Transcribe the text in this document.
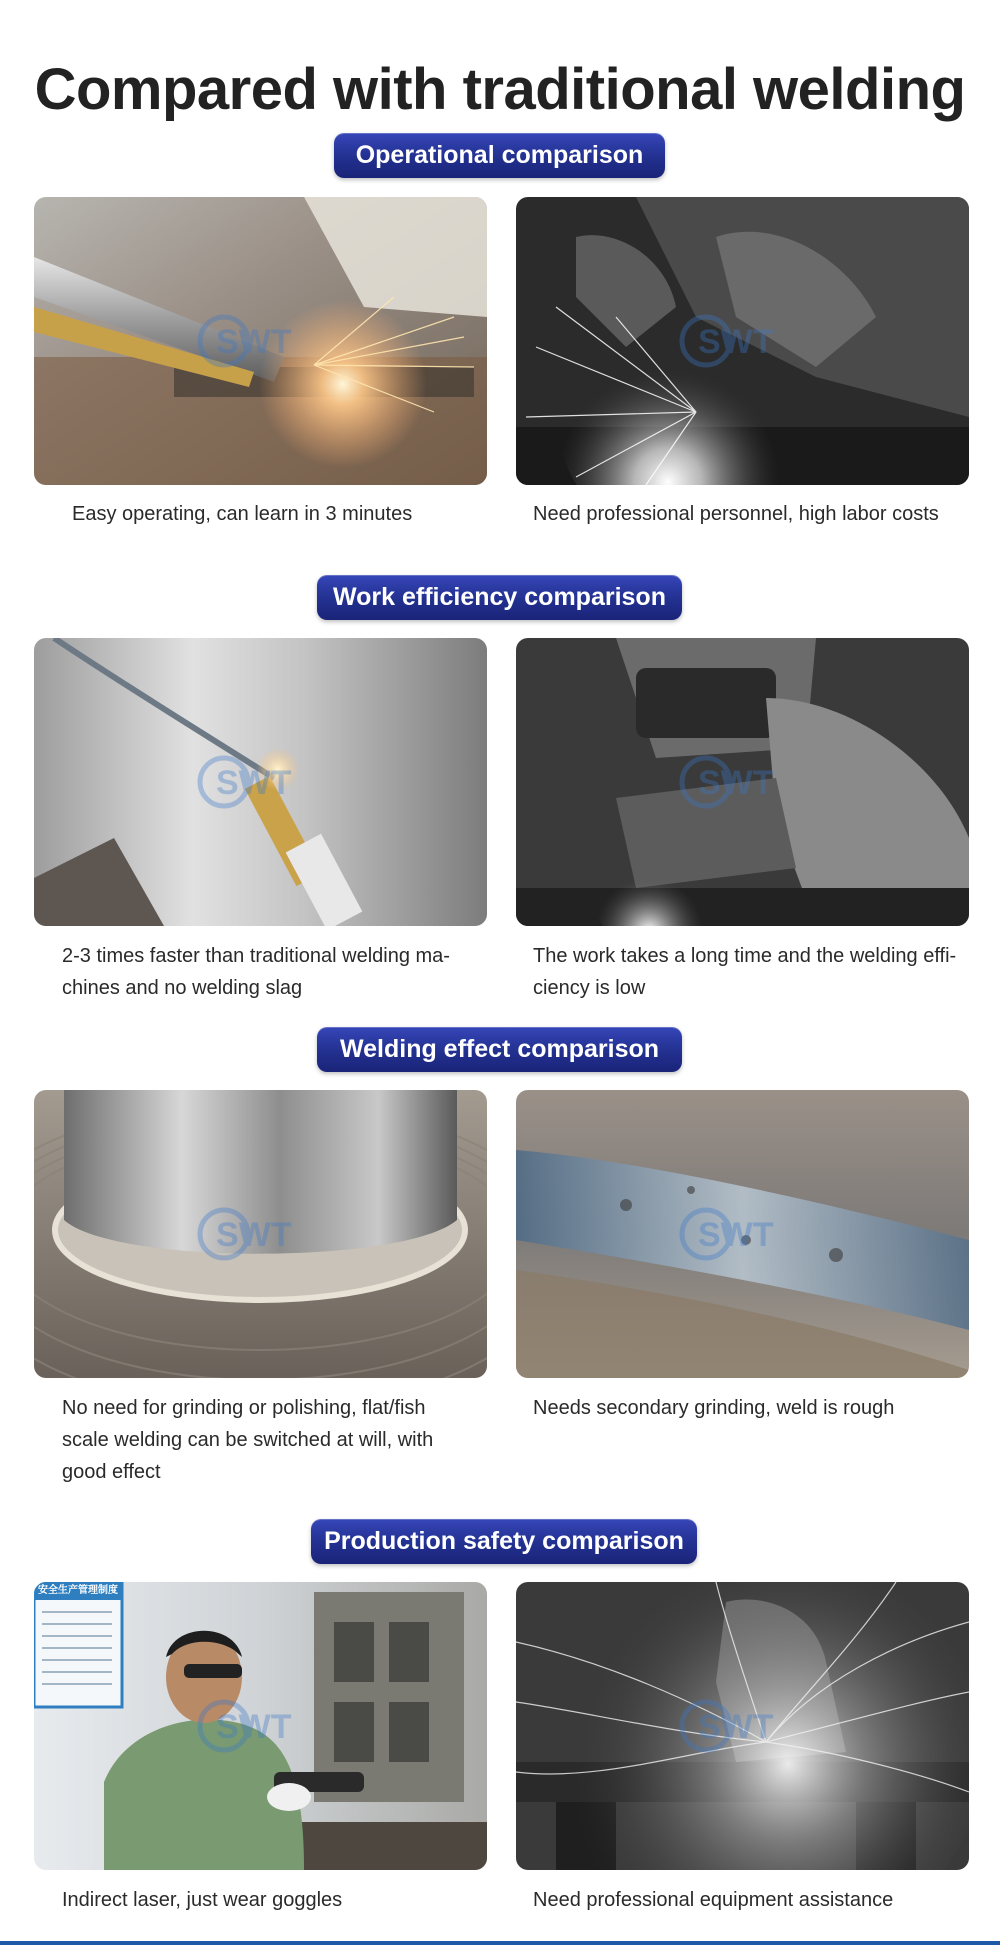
Compared with traditional welding
Operational comparison
SWT	SWT
Easy operating, can learn in 3 minutes	Need professional personnel, high labor costs
Work efficiency comparison
SWT	SWT
2-3 times faster than traditional welding ma-
chines and no welding slag
The work takes a long time and the welding effi-
ciency is low
Welding effect comparison
SWT	SWT
No need for grinding or polishing, flat/fish
scale welding can be switched at will, with
good effect
Needs secondary grinding, weld is rough
Production safety comparison
安全生产管理制度
SWT	SWT
Indirect laser, just wear goggles	Need professional equipment assistance
